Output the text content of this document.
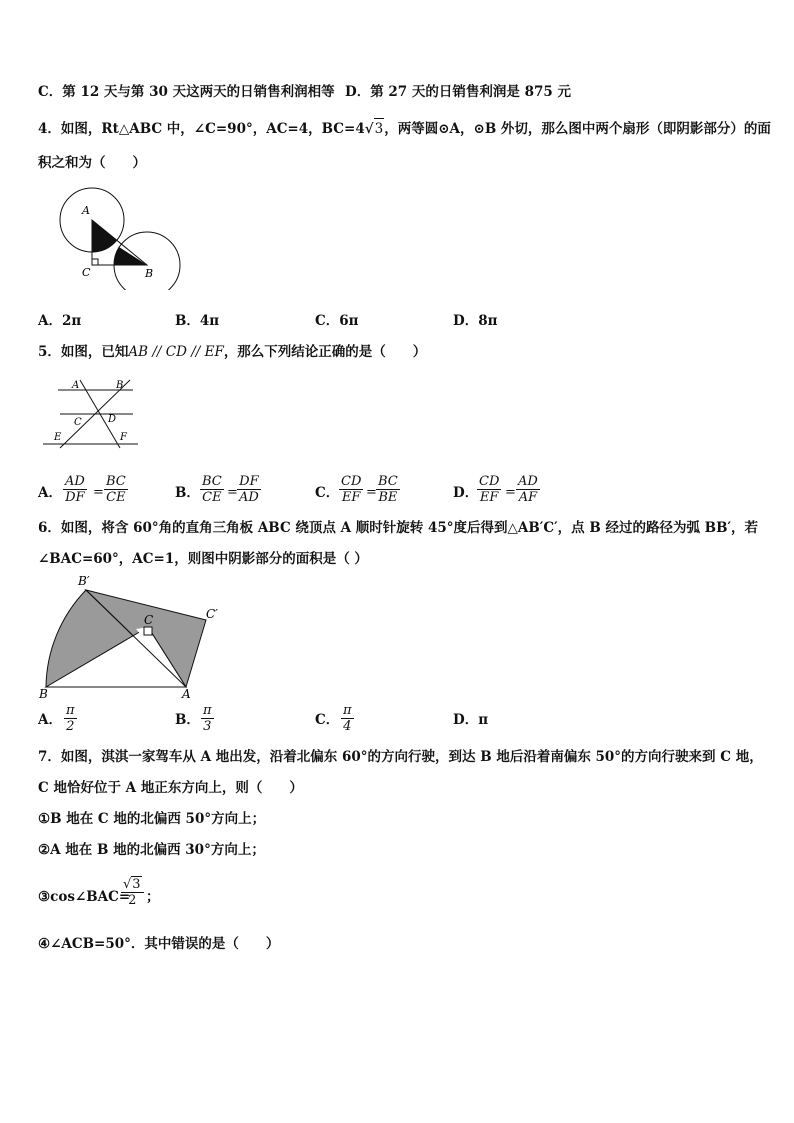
C．第 12 天与第 30 天这两天的日销售利润相等 D．第 27 天的日销售利润是 875 元
4．如图，Rt△ABC 中，∠C=90°，AC=4，BC=4√3，两等圆⊙A，⊙B 外切，那么图中两个扇形（即阴影部分）的面
积之和为（　　）
A
C	B
A．2π	B．4π	C．6π	D．8π
5．如图，已知AB // CD // EF，那么下列结论正确的是（　　）
A	B
C	D
E	F
A． $\frac{AD}{DF} = \frac{BC}{CE}$	B． $\frac{BC}{CE} = \frac{DF}{AD}$	C． $\frac{CD}{EF} = \frac{BC}{BE}$	D．
$\frac{CD}{EF} = \frac{AD}{AF}$
6．如图，将含 60°角的直角三角板 ABC 绕顶点 A 顺时针旋转 45°度后得到△AB′C′，点 B 经过的路径为弧 BB′，若
∠BAC=60°，AC=1，则图中阴影部分的面积是（ ）
B′
C′
C
B	A
A． $\frac{\pi}{2}$	B． $\frac{\pi}{3}$	C． $\frac{\pi}{4}$	D．π
7．如图，淇淇一家驾车从 A 地出发，沿着北偏东 60°的方向行驶，到达 B 地后沿着南偏东 50°的方向行驶来到 C 地，
C 地恰好位于 A 地正东方向上，则（　　）
①B 地在 C 地的北偏西 50°方向上；
②A 地在 B 地的北偏西 30°方向上；
③cos∠BAC=
$\frac{√3}{2}$ ；
④∠ACB=50°．其中错误的是（　　）
